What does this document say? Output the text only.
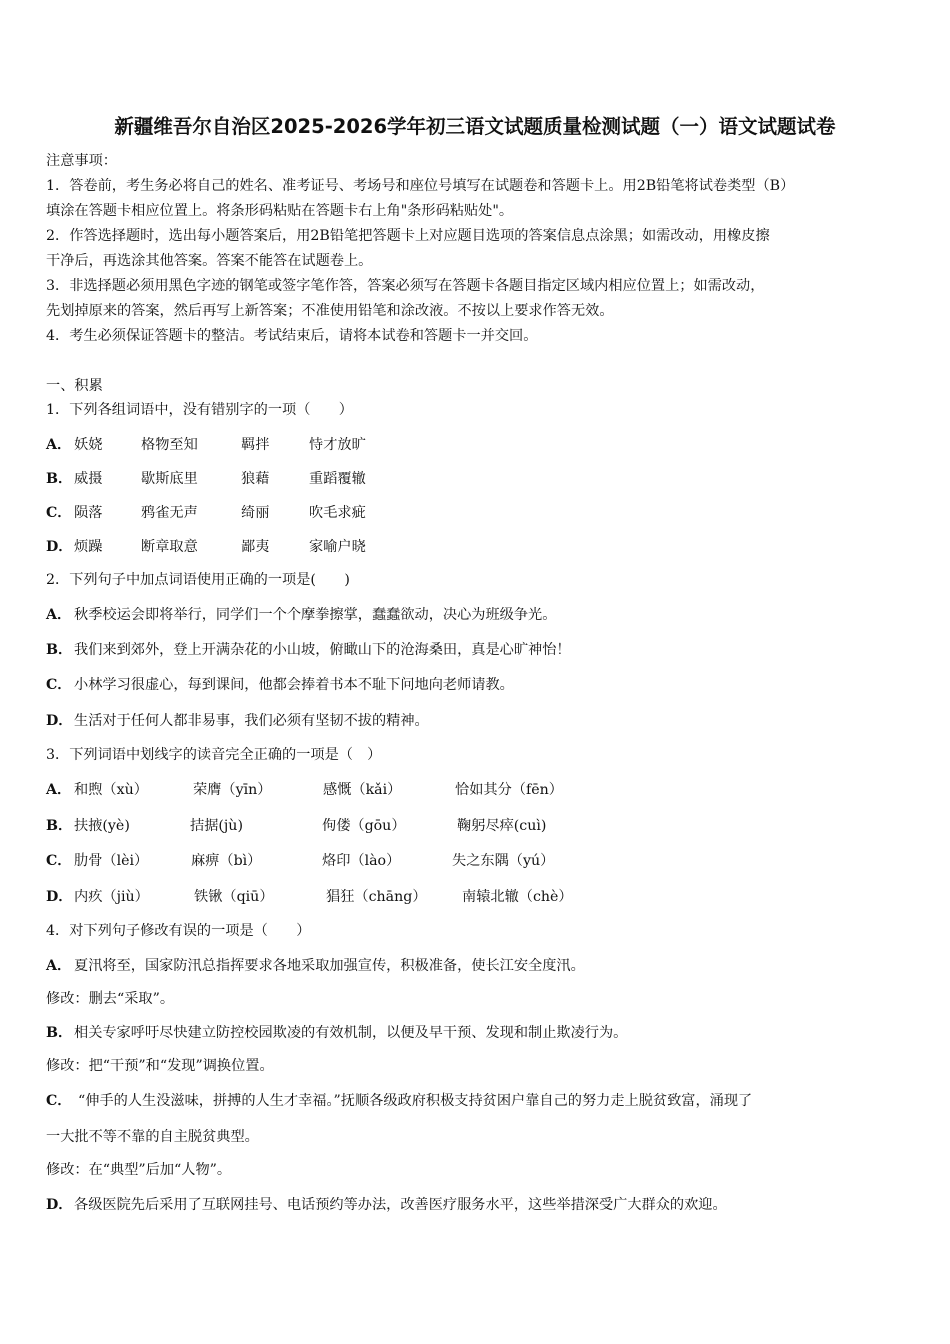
新疆维吾尔自治区2025-2026学年初三语文试题质量检测试题（一）语文试题试卷
注意事项：
1．答卷前，考生务必将自己的姓名、准考证号、考场号和座位号填写在试题卷和答题卡上。用2B铅笔将试卷类型（B）
填涂在答题卡相应位置上。将条形码粘贴在答题卡右上角"条形码粘贴处"。
2．作答选择题时，选出每小题答案后，用2B铅笔把答题卡上对应题目选项的答案信息点涂黑；如需改动，用橡皮擦
干净后，再选涂其他答案。答案不能答在试题卷上。
3．非选择题必须用黑色字迹的钢笔或签字笔作答，答案必须写在答题卡各题目指定区域内相应位置上；如需改动，
先划掉原来的答案，然后再写上新答案；不准使用铅笔和涂改液。不按以上要求作答无效。
4．考生必须保证答题卡的整洁。考试结束后，请将本试卷和答题卡一并交回。
一、积累
1．下列各组词语中，没有错别字的一项（　　）
A． 妖娆	格物至知	羁拌	恃才放旷
B． 威摄	歇斯底里	狼藉	重蹈覆辙
C． 陨落	鸦雀无声	绮丽	吹毛求疵
D． 烦躁	断章取意	鄙夷	家喻户晓
2．下列句子中加点词语使用正确的一项是(　　)
A． 秋季校运会即将举行，同学们一个个摩拳擦掌，蠢蠢欲动，决心为班级争光。
B． 我们来到郊外，登上开满杂花的小山坡，俯瞰山下的沧海桑田，真是心旷神怡！
C． 小林学习很虚心，每到课间，他都会捧着书本不耻下问地向老师请教。
D． 生活对于任何人都非易事，我们必须有坚韧不拔的精神。
3．下列词语中划线字的读音完全正确的一项是（　）
A． 和煦（xù）	荣膺（yīn）	感慨（kǎi）	恰如其分（fēn）
B． 扶掖(yè)	拮据(jù)	佝偻（gōu）	鞠躬尽瘁(cuì)
C． 肋骨（lèi）	麻痹（bì）	烙印（lào）	失之东隅（yú）
D． 内疚（jiù）	铁锹（qiū）	猖狂（chāng） 南辕北辙（chè）
4．对下列句子修改有误的一项是（　　）
A． 夏汛将至，国家防汛总指挥要求各地采取加强宣传，积极准备，使长江安全度汛。
修改：删去“采取”。
B． 相关专家呼吁尽快建立防控校园欺凌的有效机制，以便及早干预、发现和制止欺凌行为。
修改：把“干预”和“发现”调换位置。
C． “伸手的人生没滋味，拼搏的人生才幸福。”抚顺各级政府积极支持贫困户靠自己的努力走上脱贫致富，涌现了
一大批不等不靠的自主脱贫典型。
修改：在“典型”后加“人物”。
D． 各级医院先后采用了互联网挂号、电话预约等办法，改善医疗服务水平，这些举措深受广大群众的欢迎。
